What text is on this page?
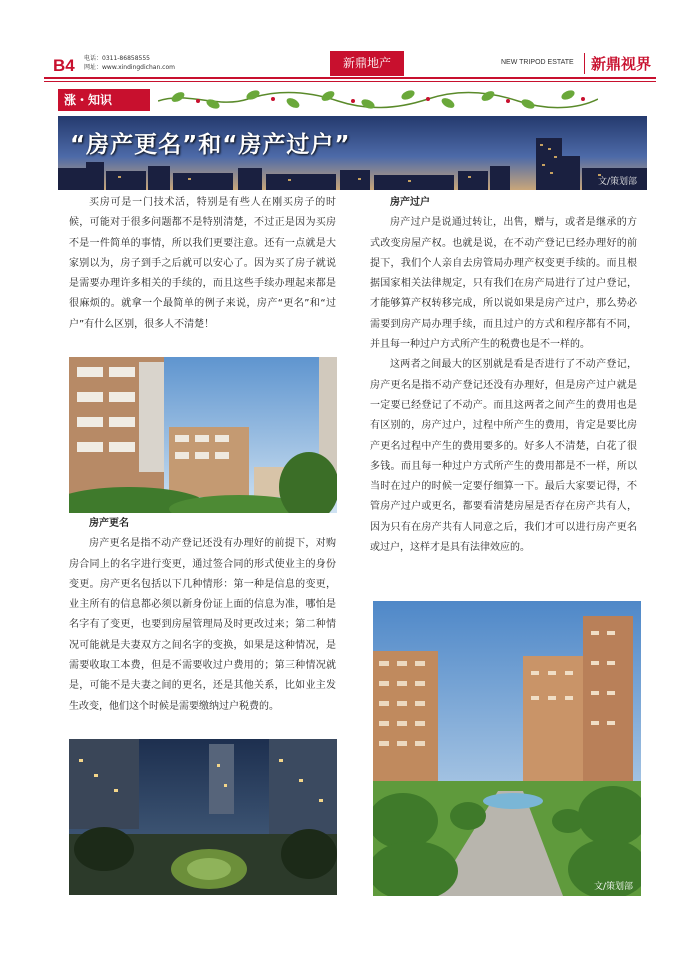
B4 电话：0311-86858555
网址：www.xindingdichan.com	新鼎地产	NEW TRIPOD ESTATE	新鼎视界
涨・知识
“房产更名”和“房产过户”
文/策划部

买房可是一门技术活，特别是有些人在刚买房子的时候，可能对于很多问题都不是特别清楚，不过正是因为买房不是一件简单的事情，所以我们更要注意。还有一点就是大家别以为，房子到手之后就可以安心了。因为买了房子就说是需要办理许多相关的手续的，而且这些手续办理起来都是很麻烦的。就拿一个最简单的例子来说，房产“更名”和“过户”有什么区别，很多人不清楚！

房产更名

房产更名是指不动产登记还没有办理好的前提下，对购房合同上的名字进行变更，通过签合同的形式使业主的身份变更。房产更名包括以下几种情形：第一种是信息的变更，业主所有的信息都必须以新身份证上面的信息为准，哪怕是名字有了变更，也要到房屋管理局及时更改过来；第二种情况可能就是夫妻双方之间名字的变换，如果是这种情况，是需要收取工本费，但是不需要收过户费用的；第三种情况就是，可能不是夫妻之间的更名，还是其他关系，比如业主发生改变，他们这个时候是需要缴纳过户税费的。

房产过户

房产过户是说通过转让，出售，赠与，或者是继承的方式改变房屋产权。也就是说，在不动产登记已经办理好的前提下，我们个人亲自去房管局办理产权变更手续的。而且根据国家相关法律规定，只有我们在房产局进行了过户登记，才能够算产权转移完成，所以说如果是房产过户，那么势必需要到房产局办理手续，而且过户的方式和程序都有不同，并且每一种过户方式所产生的税费也是不一样的。

这两者之间最大的区别就是看是否进行了不动产登记，房产更名是指不动产登记还没有办理好，但是房产过户就是一定要已经登记了不动产。而且这两者之间产生的费用也是有区别的，房产过户，过程中所产生的费用，肯定是要比房产更名过程中产生的费用要多的。好多人不清楚，白花了很多钱。而且每一种过户方式所产生的费用都是不一样，所以当时在过户的时候一定要仔细算一下。最后大家要记得，不管房产过户或更名，都要看清楚房屋是否存在房产共有人，因为只有在房产共有人同意之后，我们才可以进行房产更名或过户，这样才是具有法律效应的。

文/策划部
